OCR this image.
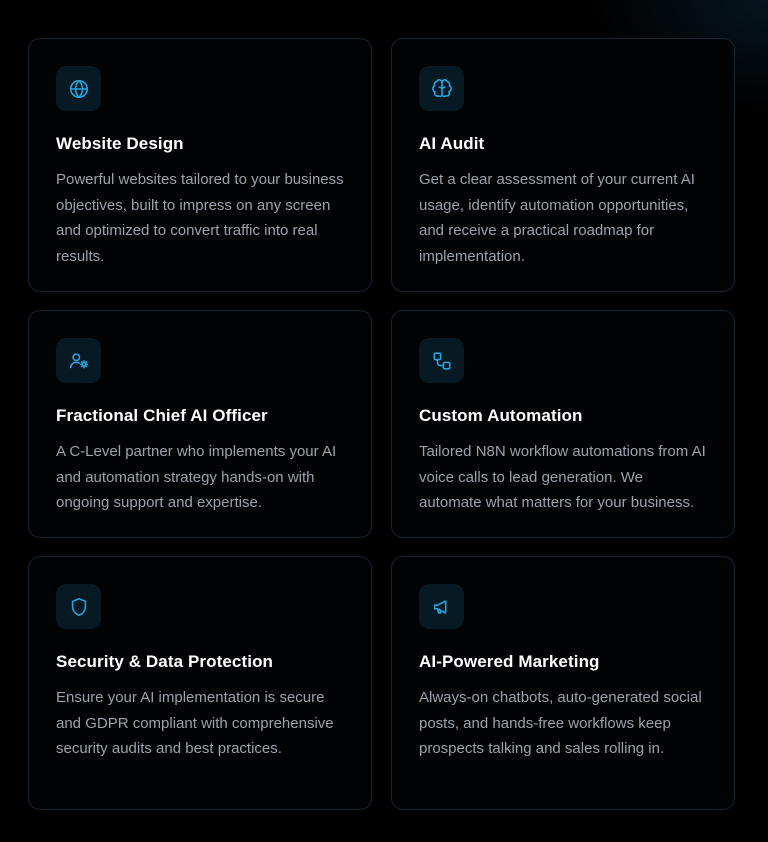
Website Design
Powerful websites tailored to your business objectives, built to impress on any screen and optimized to convert traffic into real results.
AI Audit
Get a clear assessment of your current AI usage, identify automation opportunities, and receive a practical roadmap for implementation.
Fractional Chief AI Officer
A C-Level partner who implements your AI and automation strategy hands-on with ongoing support and expertise.
Custom Automation
Tailored N8N workflow automations from AI voice calls to lead generation. We automate what matters for your business.
Security & Data Protection
Ensure your AI implementation is secure and GDPR compliant with comprehensive security audits and best practices.
AI-Powered Marketing
Always-on chatbots, auto-generated social posts, and hands-free workflows keep prospects talking and sales rolling in.
